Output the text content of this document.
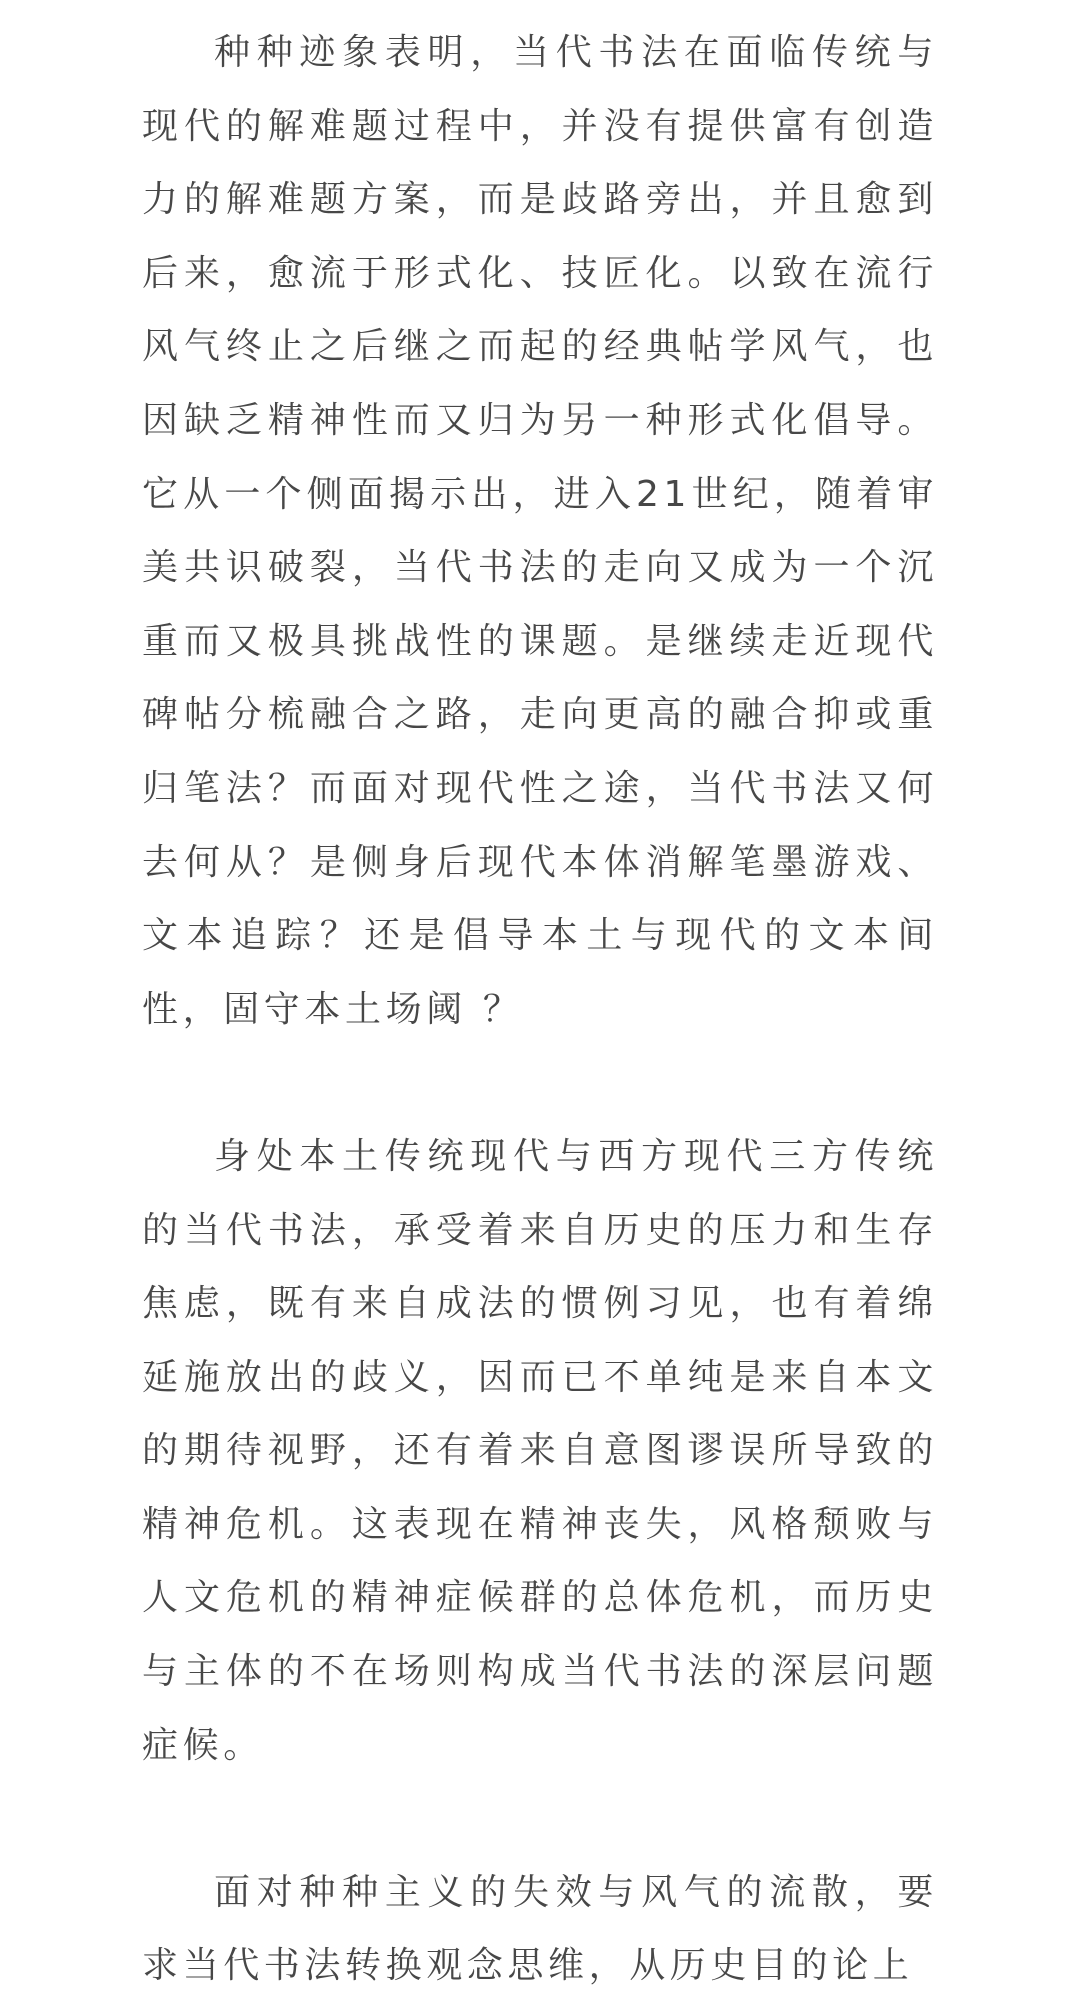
种种迹象表明，当代书法在面临传统与现代的解难题过程中，并没有提供富有创造力的解难题方案，而是歧路旁出，并且愈到后来，愈流于形式化、技匠化。以致在流行风气终止之后继之而起的经典帖学风气，也因缺乏精神性而又归为另一种形式化倡导。它从一个侧面揭示出，进入21世纪，随着审美共识破裂，当代书法的走向又成为一个沉重而又极具挑战性的课题。是继续走近现代碑帖分梳融合之路，走向更高的融合抑或重归笔法？而面对现代性之途，当代书法又何去何从？是侧身后现代本体消解笔墨游戏、文本追踪？还是倡导本土与现代的文本间性，固守本土场阈 ？

身处本土传统现代与西方现代三方传统的当代书法，承受着来自历史的压力和生存焦虑，既有来自成法的惯例习见，也有着绵延施放出的歧义，因而已不单纯是来自本文的期待视野，还有着来自意图谬误所导致的精神危机。这表现在精神丧失，风格颓败与人文危机的精神症候群的总体危机，而历史与主体的不在场则构成当代书法的深层问题症候。

面对种种主义的失效与风气的流散，要求当代书法转换观念思维，从历史目的论上
